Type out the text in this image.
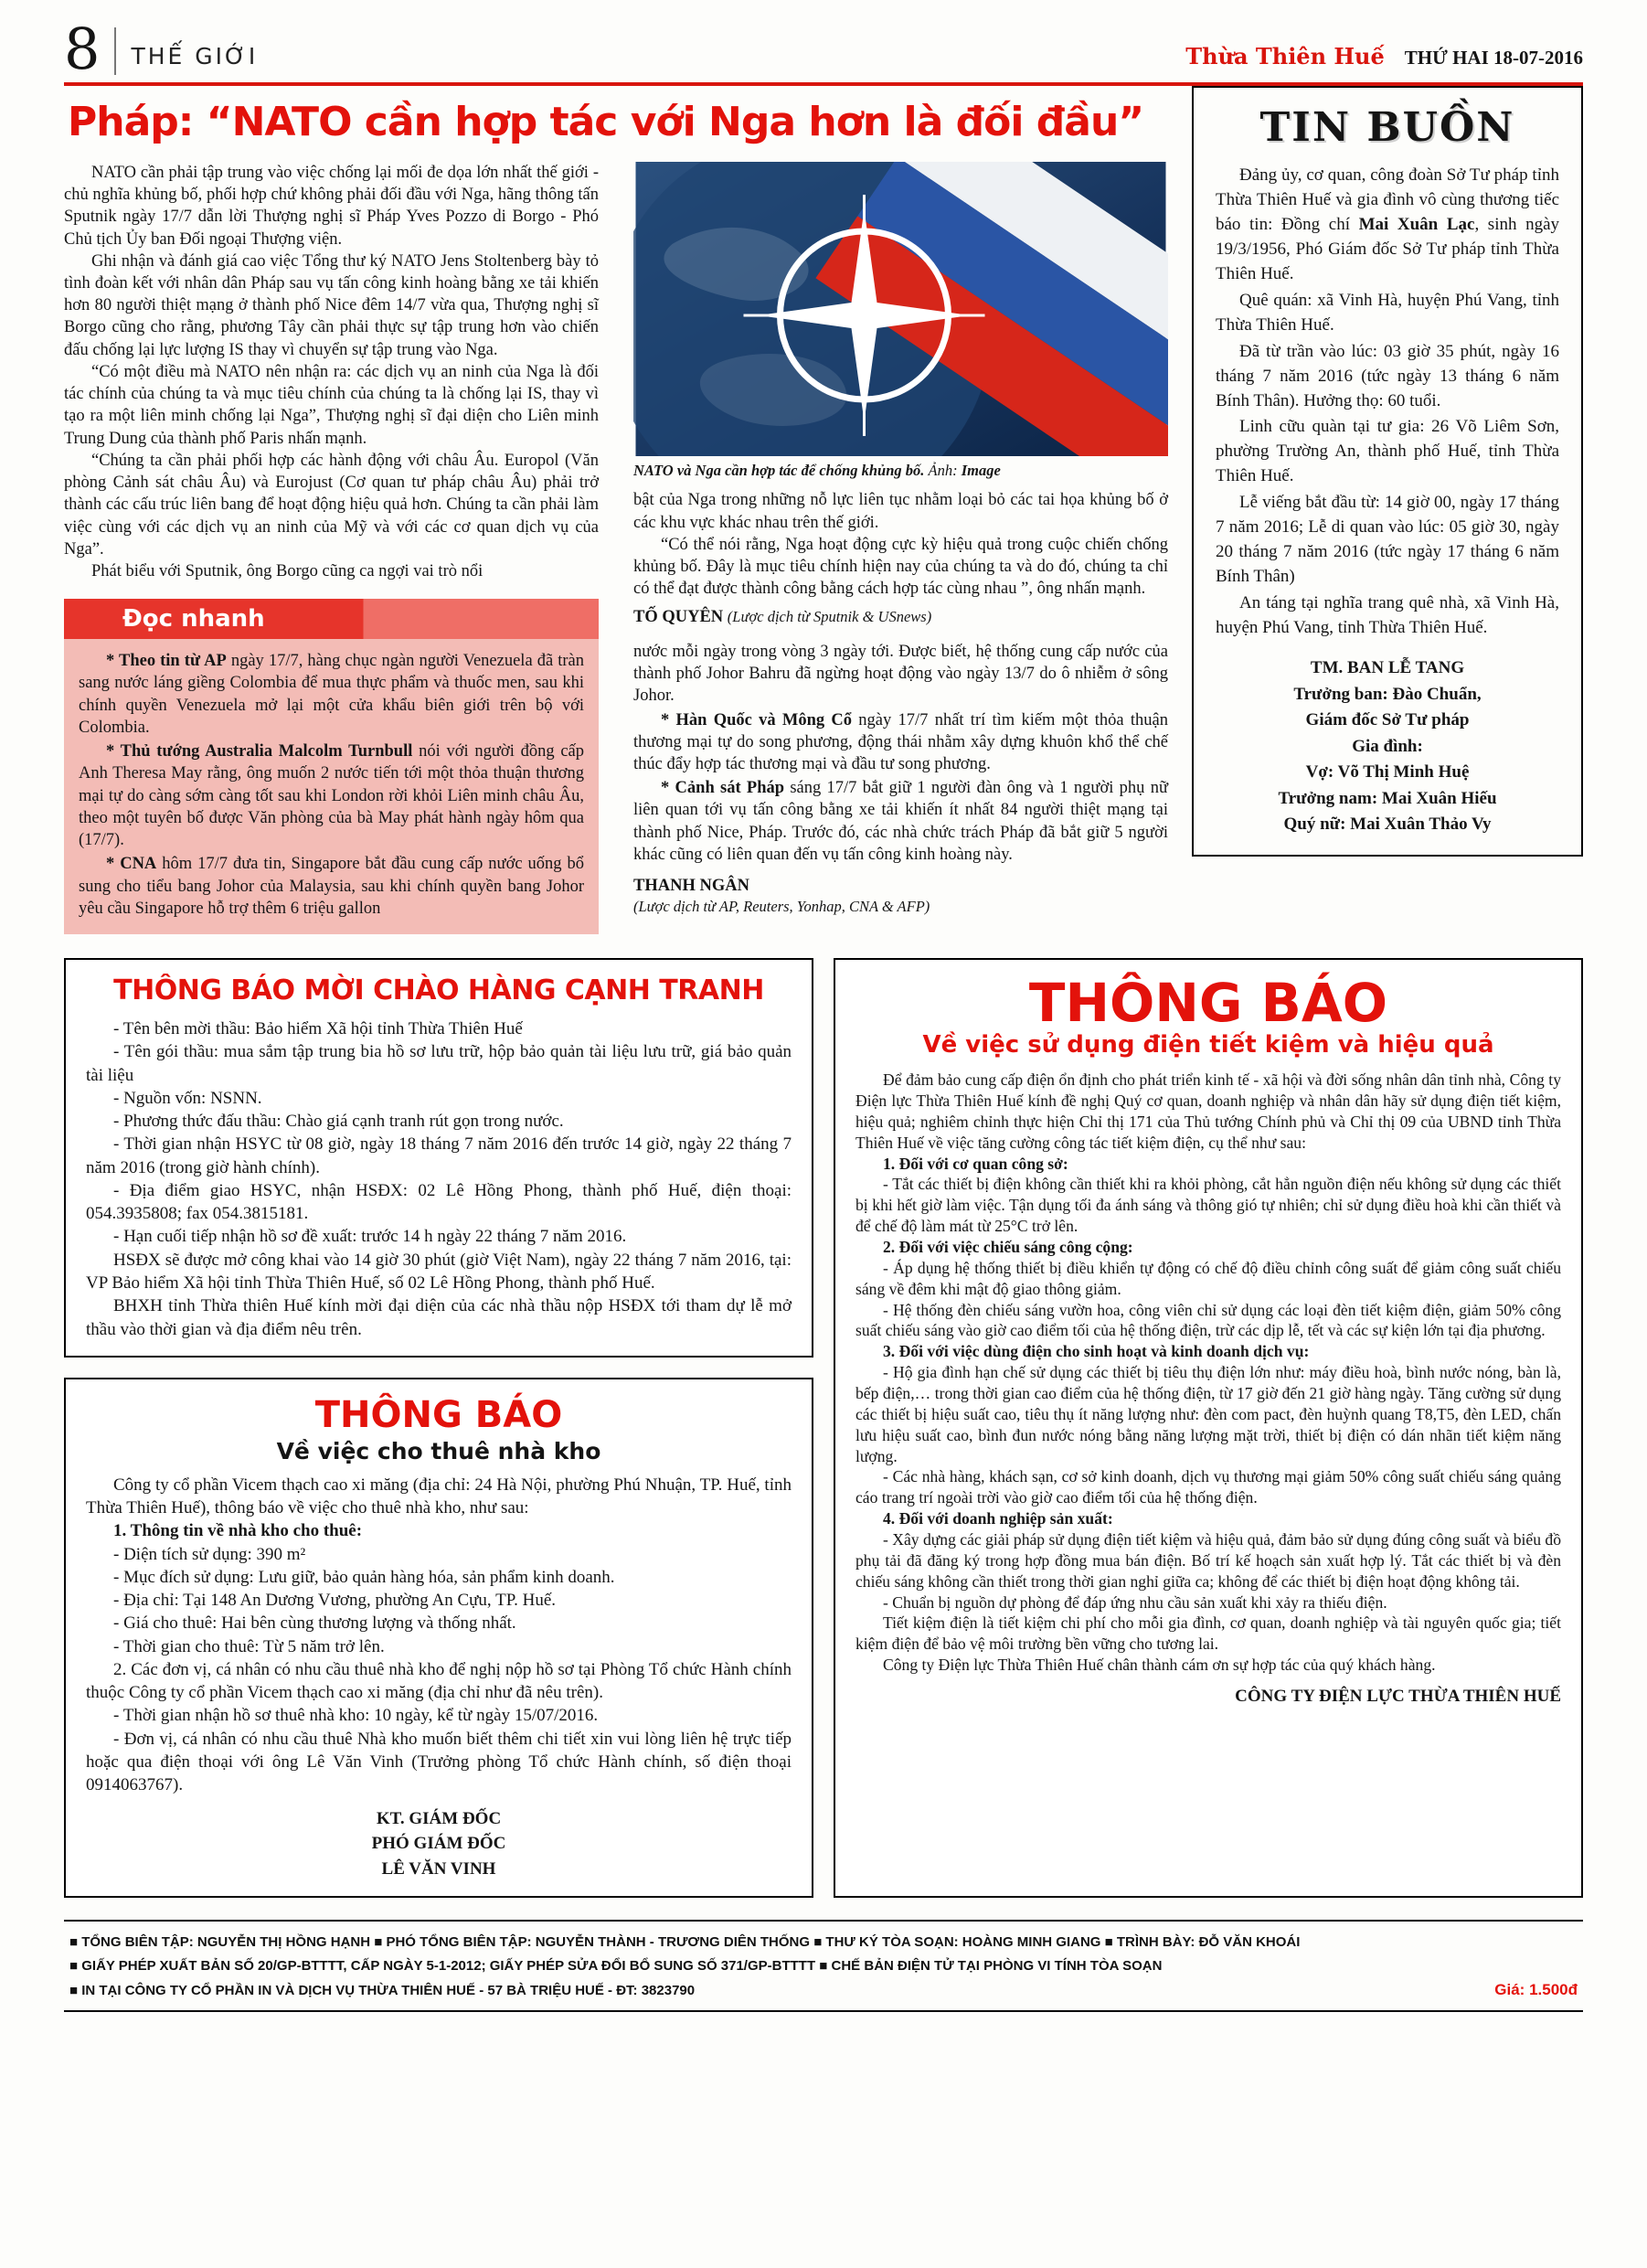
8 THẾ GIỚI	Thừa Thiên Huế THỨ HAI 18-07-2016
Pháp: “NATO cần hợp tác với Nga hơn là đối đầu”

NATO cần phải tập trung vào việc chống lại mối đe dọa lớn nhất thế giới - chủ nghĩa khủng bố, phối hợp chứ không phải đối đầu với Nga, hãng thông tấn Sputnik ngày 17/7 dẫn lời Thượng nghị sĩ Pháp Yves Pozzo di Borgo - Phó Chủ tịch Ủy ban Đối ngoại Thượng viện.

Ghi nhận và đánh giá cao việc Tổng thư ký NATO Jens Stoltenberg bày tỏ tình đoàn kết với nhân dân Pháp sau vụ tấn công kinh hoàng bằng xe tải khiến hơn 80 người thiệt mạng ở thành phố Nice đêm 14/7 vừa qua, Thượng nghị sĩ Borgo cũng cho rằng, phương Tây cần phải thực sự tập trung hơn vào chiến đấu chống lại lực lượng IS thay vì chuyển sự tập trung vào Nga.

“Có một điều mà NATO nên nhận ra: các dịch vụ an ninh của Nga là đối tác chính của chúng ta và mục tiêu chính của chúng ta là chống lại IS, thay vì tạo ra một liên minh chống lại Nga”, Thượng nghị sĩ đại diện cho Liên minh Trung Dung của thành phố Paris nhấn mạnh.

“Chúng ta cần phải phối hợp các hành động với châu Âu. Europol (Văn phòng Cảnh sát châu Âu) và Eurojust (Cơ quan tư pháp châu Âu) phải trở thành các cấu trúc liên bang để hoạt động hiệu quả hơn. Chúng ta cần phải làm việc cùng với các dịch vụ an ninh của Mỹ và với các cơ quan dịch vụ của Nga”.

Phát biểu với Sputnik, ông Borgo cũng ca ngợi vai trò nổi

Đọc nhanh

* Theo tin từ AP ngày 17/7, hàng chục ngàn người Venezuela đã tràn sang nước láng giềng Colombia để mua thực phẩm và thuốc men, sau khi chính quyền Venezuela mở lại một cửa khẩu biên giới trên bộ với Colombia.

* Thủ tướng Australia Malcolm Turnbull nói với người đồng cấp Anh Theresa May rằng, ông muốn 2 nước tiến tới một thỏa thuận thương mại tự do càng sớm càng tốt sau khi London rời khỏi Liên minh châu Âu, theo một tuyên bố được Văn phòng của bà May phát hành ngày hôm qua (17/7).

* CNA hôm 17/7 đưa tin, Singapore bắt đầu cung cấp nước uống bổ sung cho tiểu bang Johor của Malaysia, sau khi chính quyền bang Johor yêu cầu Singapore hỗ trợ thêm 6 triệu gallon

NATO và Nga cần hợp tác để chống khủng bố. Ảnh: Image

bật của Nga trong những nỗ lực liên tục nhằm loại bỏ các tai họa khủng bố ở các khu vực khác nhau trên thế giới.

“Có thể nói rằng, Nga hoạt động cực kỳ hiệu quả trong cuộc chiến chống khủng bố. Đây là mục tiêu chính hiện nay của chúng ta và do đó, chúng ta chỉ có thể đạt được thành công bằng cách hợp tác cùng nhau ”, ông nhấn mạnh.

TỐ QUYÊN (Lược dịch từ Sputnik & USnews)

nước mỗi ngày trong vòng 3 ngày tới. Được biết, hệ thống cung cấp nước của thành phố Johor Bahru đã ngừng hoạt động vào ngày 13/7 do ô nhiễm ở sông Johor.

* Hàn Quốc và Mông Cổ ngày 17/7 nhất trí tìm kiếm một thỏa thuận thương mại tự do song phương, động thái nhằm xây dựng khuôn khổ thể chế thúc đẩy hợp tác thương mại và đầu tư song phương.

* Cảnh sát Pháp sáng 17/7 bắt giữ 1 người đàn ông và 1 người phụ nữ liên quan tới vụ tấn công bằng xe tải khiến ít nhất 84 người thiệt mạng tại thành phố Nice, Pháp. Trước đó, các nhà chức trách Pháp đã bắt giữ 5 người khác cũng có liên quan đến vụ tấn công kinh hoàng này.

THANH NGÂN
(Lược dịch từ AP, Reuters, Yonhap, CNA & AFP)

TIN BUỒN

Đảng ủy, cơ quan, công đoàn Sở Tư pháp tỉnh Thừa Thiên Huế và gia đình vô cùng thương tiếc báo tin: Đồng chí Mai Xuân Lạc, sinh ngày 19/3/1956, Phó Giám đốc Sở Tư pháp tỉnh Thừa Thiên Huế.

Quê quán: xã Vinh Hà, huyện Phú Vang, tỉnh Thừa Thiên Huế.

Đã từ trần vào lúc: 03 giờ 35 phút, ngày 16 tháng 7 năm 2016 (tức ngày 13 tháng 6 năm Bính Thân). Hưởng thọ: 60 tuổi.

Linh cữu quàn tại tư gia: 26 Võ Liêm Sơn, phường Trường An, thành phố Huế, tỉnh Thừa Thiên Huế.

Lễ viếng bắt đầu từ: 14 giờ 00, ngày 17 tháng 7 năm 2016; Lễ di quan vào lúc: 05 giờ 30, ngày 20 tháng 7 năm 2016 (tức ngày 17 tháng 6 năm Bính Thân)

An táng tại nghĩa trang quê nhà, xã Vinh Hà, huyện Phú Vang, tỉnh Thừa Thiên Huế.

TM. BAN LỄ TANG
Trưởng ban: Đào Chuẩn,
Giám đốc Sở Tư pháp
Gia đình:
Vợ: Võ Thị Minh Huệ
Trưởng nam: Mai Xuân Hiếu
Quý nữ: Mai Xuân Thảo Vy
THÔNG BÁO MỜI CHÀO HÀNG CẠNH TRANH

- Tên bên mời thầu: Bảo hiểm Xã hội tỉnh Thừa Thiên Huế

- Tên gói thầu: mua sắm tập trung bia hồ sơ lưu trữ, hộp bảo quản tài liệu lưu trữ, giá bảo quản tài liệu

- Nguồn vốn: NSNN.

- Phương thức đấu thầu: Chào giá cạnh tranh rút gọn trong nước.

- Thời gian nhận HSYC từ 08 giờ, ngày 18 tháng 7 năm 2016 đến trước 14 giờ, ngày 22 tháng 7 năm 2016 (trong giờ hành chính).

- Địa điểm giao HSYC, nhận HSĐX: 02 Lê Hồng Phong, thành phố Huế, điện thoại: 054.3935808; fax 054.3815181.

- Hạn cuối tiếp nhận hồ sơ đề xuất: trước 14 h ngày 22 tháng 7 năm 2016.

HSĐX sẽ được mở công khai vào 14 giờ 30 phút (giờ Việt Nam), ngày 22 tháng 7 năm 2016, tại: VP Bảo hiểm Xã hội tỉnh Thừa Thiên Huế, số 02 Lê Hồng Phong, thành phố Huế.

BHXH tỉnh Thừa thiên Huế kính mời đại diện của các nhà thầu nộp HSĐX tới tham dự lễ mở thầu vào thời gian và địa điểm nêu trên.

THÔNG BÁO
Về việc cho thuê nhà kho

Công ty cổ phần Vicem thạch cao xi măng (địa chỉ: 24 Hà Nội, phường Phú Nhuận, TP. Huế, tỉnh Thừa Thiên Huế), thông báo về việc cho thuê nhà kho, như sau:

1. Thông tin về nhà kho cho thuê:

- Diện tích sử dụng: 390 m²

- Mục đích sử dụng: Lưu giữ, bảo quản hàng hóa, sản phẩm kinh doanh.

- Địa chỉ: Tại 148 An Dương Vương, phường An Cựu, TP. Huế.

- Giá cho thuê: Hai bên cùng thương lượng và thống nhất.

- Thời gian cho thuê: Từ 5 năm trở lên.

2. Các đơn vị, cá nhân có nhu cầu thuê nhà kho để nghị nộp hồ sơ tại Phòng Tổ chức Hành chính thuộc Công ty cổ phần Vicem thạch cao xi măng (địa chỉ như đã nêu trên).

- Thời gian nhận hồ sơ thuê nhà kho: 10 ngày, kể từ ngày 15/07/2016.

- Đơn vị, cá nhân có nhu cầu thuê Nhà kho muốn biết thêm chi tiết xin vui lòng liên hệ trực tiếp hoặc qua điện thoại với ông Lê Văn Vinh (Trưởng phòng Tổ chức Hành chính, số điện thoại 0914063767).

KT. GIÁM ĐỐC
PHÓ GIÁM ĐỐC
LÊ VĂN VINH
THÔNG BÁO
Về việc sử dụng điện tiết kiệm và hiệu quả

Để đảm bảo cung cấp điện ổn định cho phát triển kinh tế - xã hội và đời sống nhân dân tỉnh nhà, Công ty Điện lực Thừa Thiên Huế kính đề nghị Quý cơ quan, doanh nghiệp và nhân dân hãy sử dụng điện tiết kiệm, hiệu quả; nghiêm chỉnh thực hiện Chỉ thị 171 của Thủ tướng Chính phủ và Chỉ thị 09 của UBND tỉnh Thừa Thiên Huế về việc tăng cường công tác tiết kiệm điện, cụ thể như sau:

1. Đối với cơ quan công sở:

- Tắt các thiết bị điện không cần thiết khi ra khỏi phòng, cắt hẳn nguồn điện nếu không sử dụng các thiết bị khi hết giờ làm việc. Tận dụng tối đa ánh sáng và thông gió tự nhiên; chỉ sử dụng điều hoà khi cần thiết và để chế độ làm mát từ 25°C trở lên.

2. Đối với việc chiếu sáng công cộng:

- Áp dụng hệ thống thiết bị điều khiển tự động có chế độ điều chỉnh công suất để giảm công suất chiếu sáng về đêm khi mật độ giao thông giảm.

- Hệ thống đèn chiếu sáng vườn hoa, công viên chỉ sử dụng các loại đèn tiết kiệm điện, giảm 50% công suất chiếu sáng vào giờ cao điểm tối của hệ thống điện, trừ các dịp lễ, tết và các sự kiện lớn tại địa phương.

3. Đối với việc dùng điện cho sinh hoạt và kinh doanh dịch vụ:

- Hộ gia đình hạn chế sử dụng các thiết bị tiêu thụ điện lớn như: máy điều hoà, bình nước nóng, bàn là, bếp điện,… trong thời gian cao điểm của hệ thống điện, từ 17 giờ đến 21 giờ hàng ngày. Tăng cường sử dụng các thiết bị hiệu suất cao, tiêu thụ ít năng lượng như: đèn com pact, đèn huỳnh quang T8,T5, đèn LED, chấn lưu hiệu suất cao, bình đun nước nóng bằng năng lượng mặt trời, thiết bị điện có dán nhãn tiết kiệm năng lượng.

- Các nhà hàng, khách sạn, cơ sở kinh doanh, dịch vụ thương mại giảm 50% công suất chiếu sáng quảng cáo trang trí ngoài trời vào giờ cao điểm tối của hệ thống điện.

4. Đối với doanh nghiệp sản xuất:

- Xây dựng các giải pháp sử dụng điện tiết kiệm và hiệu quả, đảm bảo sử dụng đúng công suất và biểu đồ phụ tải đã đăng ký trong hợp đồng mua bán điện. Bố trí kế hoạch sản xuất hợp lý. Tắt các thiết bị và đèn chiếu sáng không cần thiết trong thời gian nghỉ giữa ca; không để các thiết bị điện hoạt động không tải.

- Chuẩn bị nguồn dự phòng để đáp ứng nhu cầu sản xuất khi xảy ra thiếu điện.

Tiết kiệm điện là tiết kiệm chi phí cho mỗi gia đình, cơ quan, doanh nghiệp và tài nguyên quốc gia; tiết kiệm điện để bảo vệ môi trường bền vững cho tương lai.

Công ty Điện lực Thừa Thiên Huế chân thành cám ơn sự hợp tác của quý khách hàng.

CÔNG TY ĐIỆN LỰC THỪA THIÊN HUẾ
■ TỔNG BIÊN TẬP: NGUYỄN THỊ HỒNG HẠNH ■ PHÓ TỔNG BIÊN TẬP: NGUYỄN THÀNH - TRƯƠNG DIÊN THỐNG ■ THƯ KÝ TÒA SOẠN: HOÀNG MINH GIANG ■ TRÌNH BÀY: ĐỖ VĂN KHOÁI
■ GIẤY PHÉP XUẤT BẢN SỐ 20/GP-BTTTT, CẤP NGÀY 5-1-2012; GIẤY PHÉP SỬA ĐỔI BỔ SUNG SỐ 371/GP-BTTTT ■ CHẾ BẢN ĐIỆN TỬ TẠI PHÒNG VI TÍNH TÒA SOẠN
■ IN TẠI CÔNG TY CỔ PHẦN IN VÀ DỊCH VỤ THỪA THIÊN HUẾ - 57 BÀ TRIỆU HUẾ - ĐT: 3823790	Giá: 1.500đ
